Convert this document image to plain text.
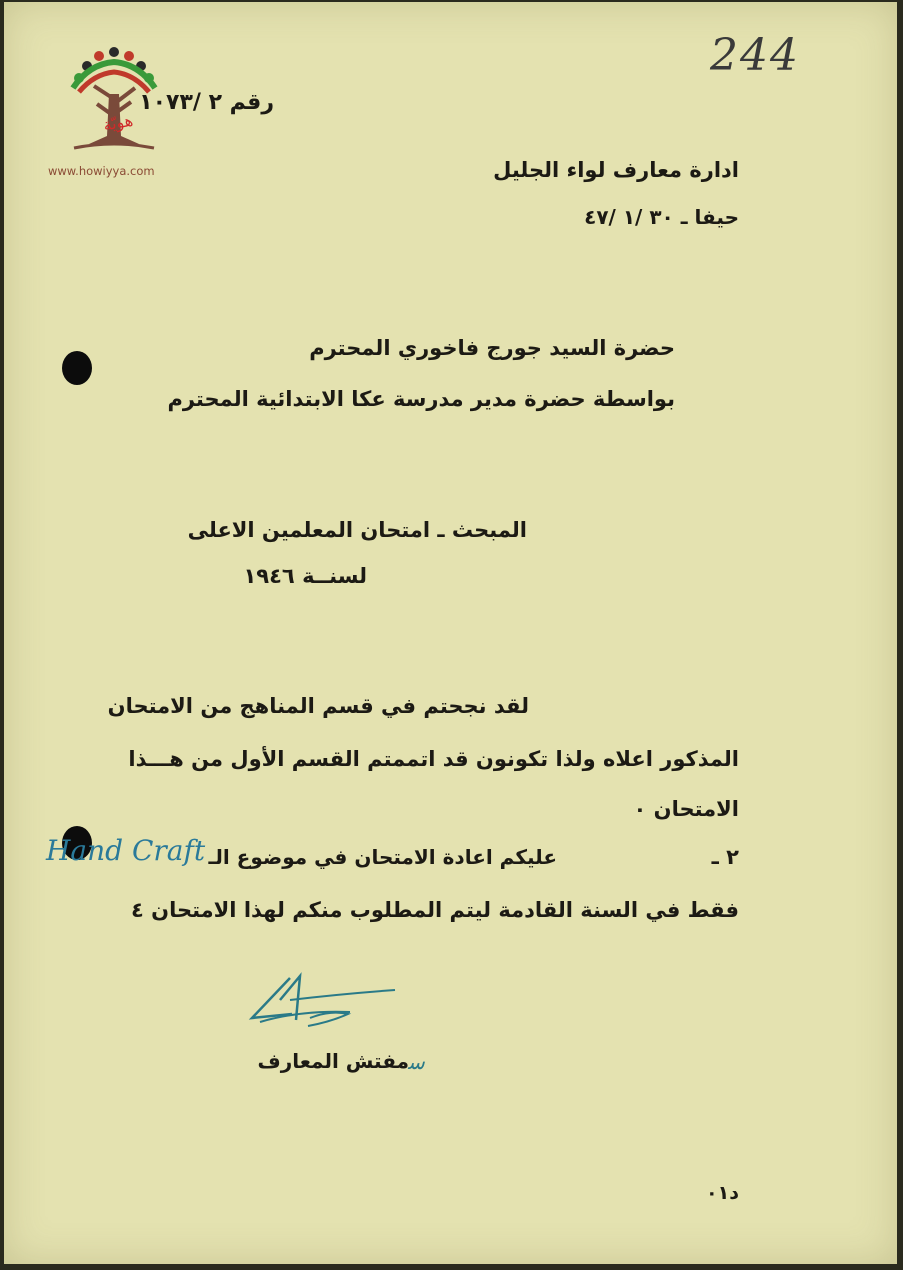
244
هويّة
www.howiyya.com
رقم ٢ /١٠٧٣
ادارة معارف لواء الجليل
حيفا ـ ٣٠ /١ /٤٧
حضرة السيد جورج فاخوري المحترم
بواسطة حضرة مدير مدرسة عكا الابتدائية المحترم
المبحث ـ امتحان المعلمين الاعلى
لسنــة ١٩٤٦
لقد نجحتم في قسم المناهج من الامتحان
المذكور اعلاه ولذا تكونون قد اتممتم القسم الأول من هـــذا
الامتحان ٠
٢ ـ
عليكم اعادة الامتحان في موضوع الـ
Hand Craft
فقط في السنة القادمة ليتم المطلوب منكم لهذا الامتحان ٤
مفتش المعارف ﺳ
د٠١
